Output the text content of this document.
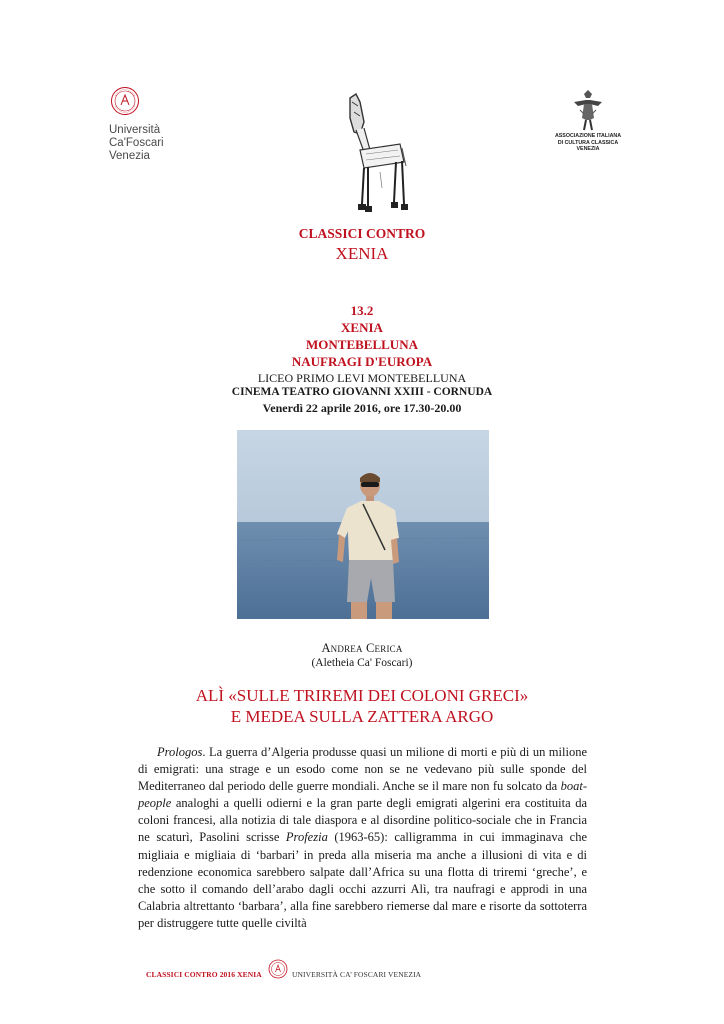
Università
Ca'Foscari
Venezia
ASSOCIAZIONE ITALIANA
DI CULTURA CLASSICA
VENEZIA
CLASSICI CONTRO
XENIA
13.2
XENIA
MONTEBELLUNA
NAUFRAGI D'EUROPA
LICEO PRIMO LEVI MONTEBELLUNA
CINEMA TEATRO GIOVANNI XXIII - CORNUDA
Venerdì 22 aprile 2016, ore 17.30-20.00
Andrea Cerica
(Aletheia Ca' Foscari)
ALÌ «SULLE TRIREMI DEI COLONI GRECI»
E MEDEA SULLA ZATTERA ARGO

Prologos. La guerra d’Algeria produsse quasi un milione di morti e più di un milione di emigrati: una strage e un esodo come non se ne vedevano più sulle sponde del Mediterraneo dal periodo delle guerre mondiali. Anche se il mare non fu solcato da boat-people analoghi a quelli odierni e la gran parte degli emigrati algerini era costituita da coloni francesi, alla notizia di tale diaspora e al disordine politico-sociale che in Francia ne scaturì, Pasolini scrisse Profezia (1963-65): calligramma in cui immaginava che migliaia e migliaia di ‘barbari’ in preda alla miseria ma anche a illusioni di vita e di redenzione economica sarebbero salpate dall’Africa su una flotta di triremi ‘greche’, e che sotto il comando dell’arabo dagli occhi azzurri Alì, tra naufragi e approdi in una Calabria altrettanto ‘barbara’, alla fine sarebbero riemerse dal mare e risorte da sottoterra per distruggere tutte quelle civiltà

CLASSICI CONTRO 2016 XENIA	UNIVERSITÀ CA’ FOSCARI VENEZIA
